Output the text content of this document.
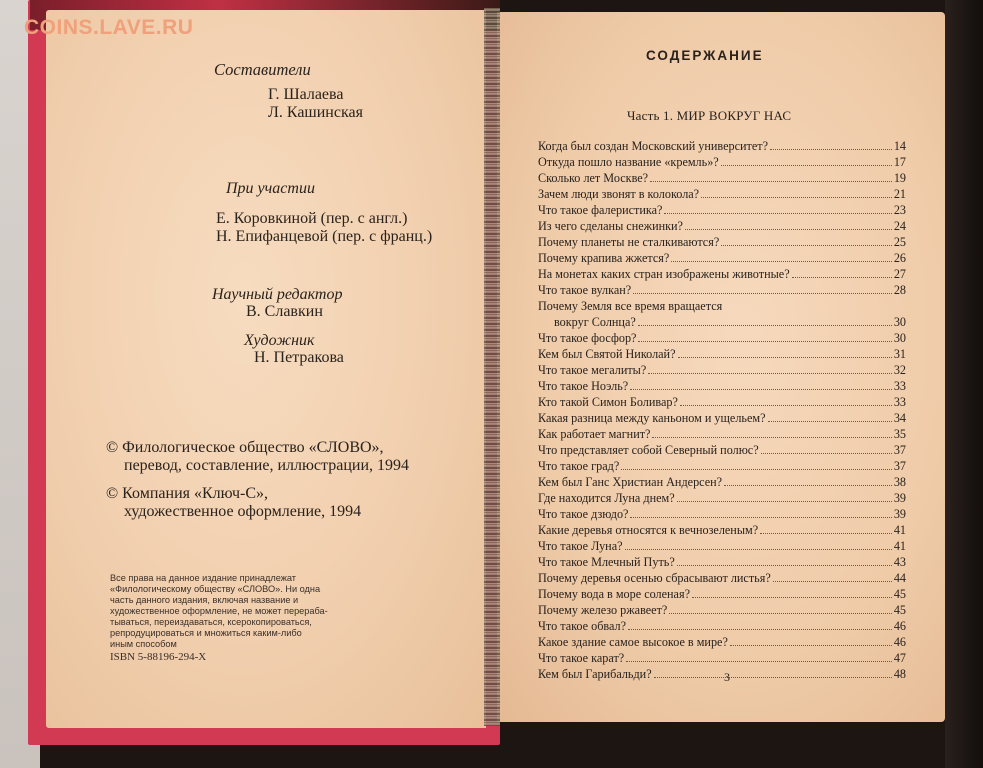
COINS.LAVE.RU
Составители
Г. Шалаева
Л. Кашинская
При участии
Е. Коровкиной (пер. с англ.)
Н. Епифанцевой (пер. с франц.)
Научный редактор
В. Славкин
Художник
Н. Петракова
© Филологическое общество «СЛОВО»,
перевод, составление, иллюстрации, 1994
© Компания «Ключ-С»,
художественное оформление, 1994
Все права на данное издание принадлежат
«Филологическому обществу «СЛОВО». Ни одна
часть данного издания, включая название и
художественное оформление, не может перераба-
тываться, переиздаваться, ксерокопироваться,
репродуцироваться и множиться каким-либо
иным способом
ISBN 5-88196-294-X
СОДЕРЖАНИЕ
Часть 1. МИР ВОКРУГ НАС
Когда был создан Московский университет?	14
Откуда пошло название «кремль»?	17
Сколько лет Москве?	19
Зачем люди звонят в колокола?	21
Что такое фалеристика?	23
Из чего сделаны снежинки?	24
Почему планеты не сталкиваются?	25
Почему крапива жжется?	26
На монетах каких стран изображены животные?	27
Что такое вулкан?	28
Почему Земля все время вращается
вокруг Солнца?	30
Что такое фосфор?	30
Кем был Святой Николай?	31
Что такое мегалиты?	32
Что такое Ноэль?	33
Кто такой Симон Боливар?	33
Какая разница между каньоном и ущельем?	34
Как работает магнит?	35
Что представляет собой Северный полюс?	37
Что такое град?	37
Кем был Ганс Христиан Андерсен?	38
Где находится Луна днем?	39
Что такое дзюдо?	39
Какие деревья относятся к вечнозеленым?	41
Что такое Луна?	41
Что такое Млечный Путь?	43
Почему деревья осенью сбрасывают листья?	44
Почему вода в море соленая?	45
Почему железо ржавеет?	45
Что такое обвал?	46
Какое здание самое высокое в мире?	46
Что такое карат?	47
Кем был Гарибальди?	48
3
